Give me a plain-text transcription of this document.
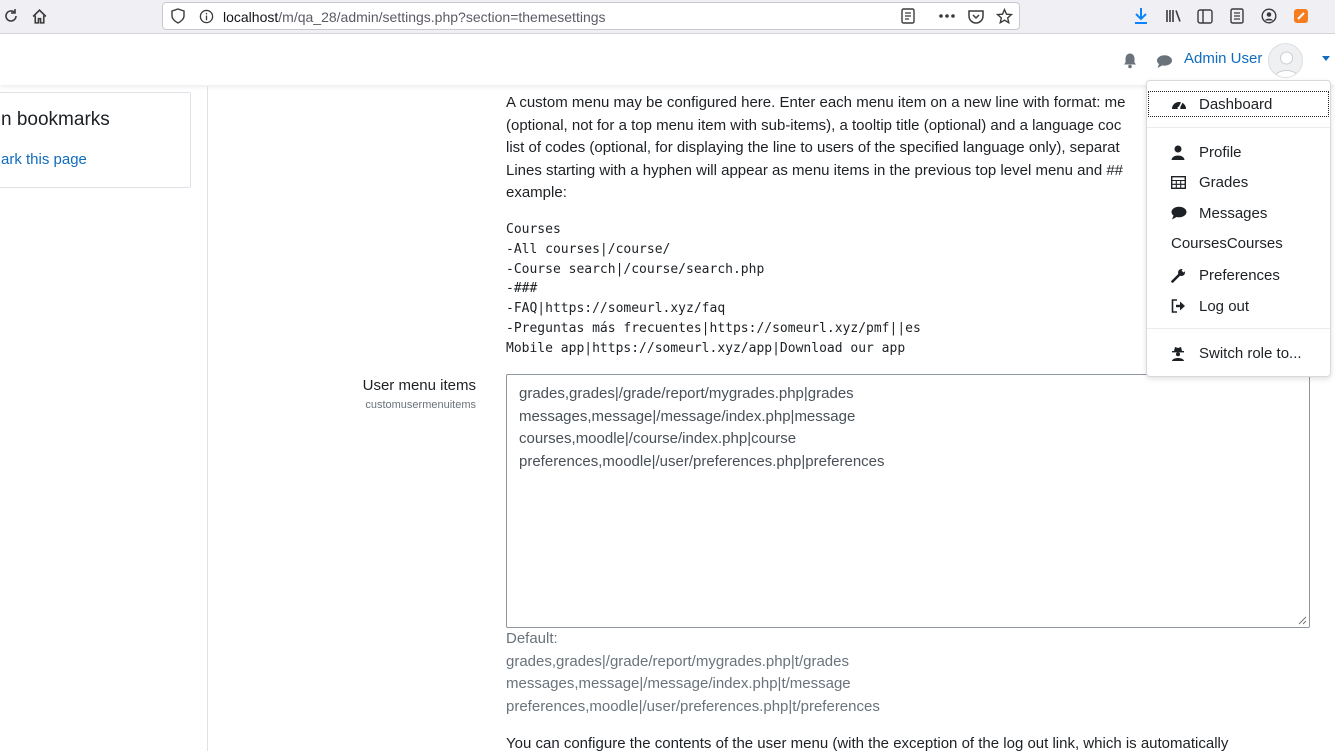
localhost/m/qa_28/admin/settings.php?section=themesettings
Admin User
n bookmarks
ark this page

A custom menu may be configured here. Enter each menu item on a new line with format: me

(optional, not for a top menu item with sub-items), a tooltip title (optional) and a language coc

list of codes (optional, for displaying the line to users of the specified language only), separat

Lines starting with a hyphen will appear as menu items in the previous top level menu and ##

example:

Courses
-All courses|/course/
-Course search|/course/search.php
-###
-FAQ|https://someurl.xyz/faq
-Preguntas más frecuentes|https://someurl.xyz/pmf||es
Mobile app|https://someurl.xyz/app|Download our app
User menu items
customusermenuitems
grades,grades|/grade/report/mygrades.php|grades
messages,message|/message/index.php|message
courses,moodle|/course/index.php|course
preferences,moodle|/user/preferences.php|preferences
Default:
grades,grades|/grade/report/mygrades.php|t/grades
messages,message|/message/index.php|t/message
preferences,moodle|/user/preferences.php|t/preferences
You can configure the contents of the user menu (with the exception of the log out link, which is automatically
Dashboard
Profile
Grades
Messages
CoursesCourses
Preferences
Log out
Switch role to...
